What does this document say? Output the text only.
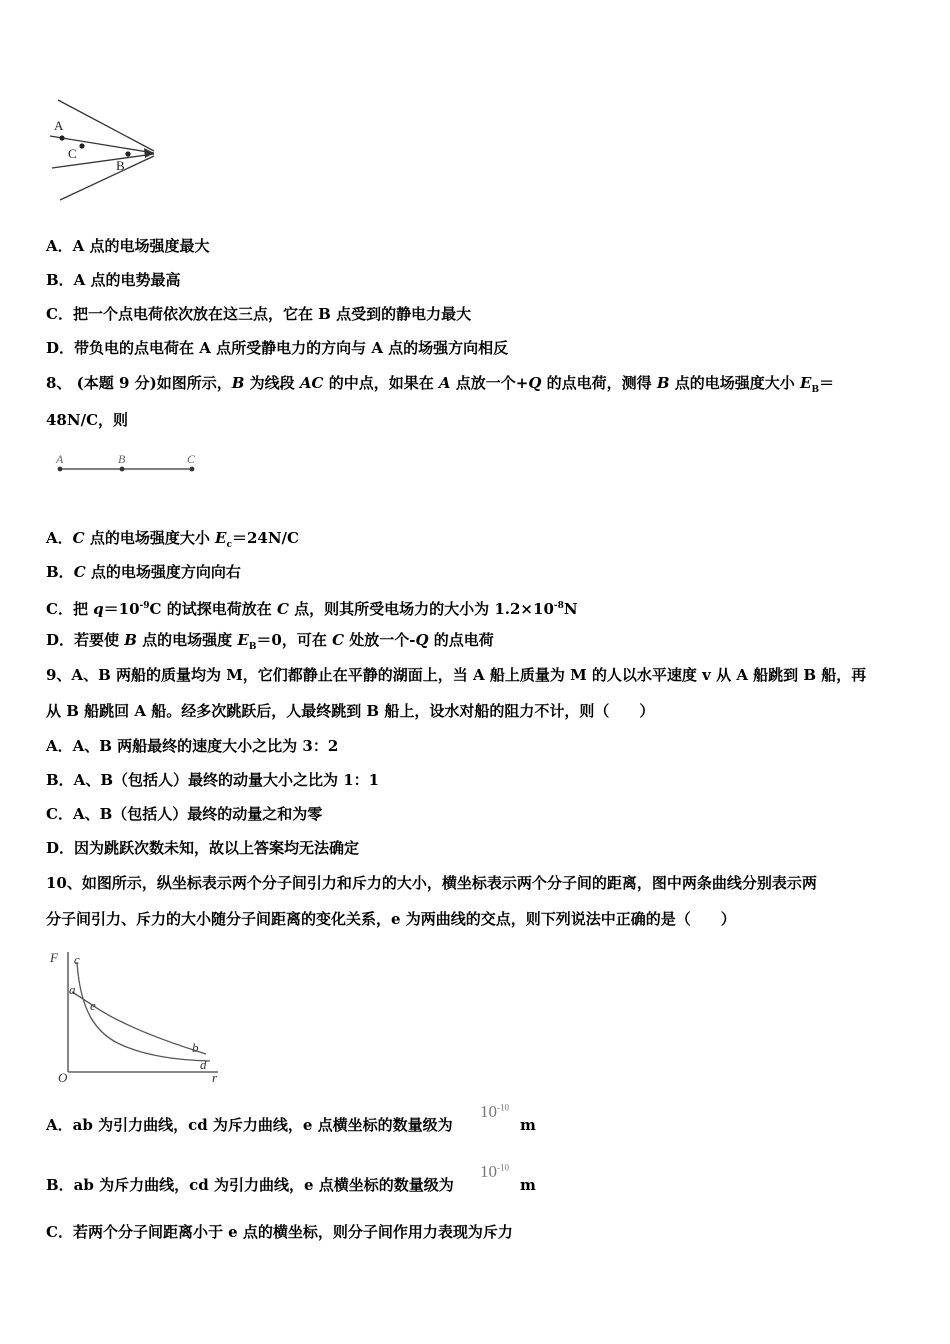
A
C
B
A．A 点的电场强度最大
B．A 点的电势最高
C．把一个点电荷依次放在这三点，它在 B 点受到的静电力最大
D．带负电的点电荷在 A 点所受静电力的方向与 A 点的场强方向相反
8、 (本题 9 分)如图所示，B 为线段 AC 的中点，如果在 A 点放一个+Q 的点电荷，测得 B 点的电场强度大小 $E_B=$
48N/C，则
A	B	C
A．C 点的电场强度大小 $E_c=24N/C$
B．C 点的电场强度方向向右
C．把 $q=10^{-9}C$ 的试探电荷放在 C 点，则其所受电场力的大小为 $1.2\times 10^{-8}N$
D．若要使 B 点的电场强度 $E_B=0$，可在 C 处放一个-Q 的点电荷
9、A、B 两船的质量均为 M，它们都静止在平静的湖面上，当 A 船上质量为 M 的人以水平速度 v 从 A 船跳到 B 船，再
从 B 船跳回 A 船。经多次跳跃后，人最终跳到 B 船上，设水对船的阻力不计，则（　　）
A．A、B 两船最终的速度大小之比为 3：2
B．A、B（包括人）最终的动量大小之比为 1：1
C．A、B（包括人）最终的动量之和为零
D．因为跳跃次数未知，故以上答案均无法确定
10、如图所示，纵坐标表示两个分子间引力和斥力的大小，横坐标表示两个分子间的距离，图中两条曲线分别表示两
分子间引力、斥力的大小随分子间距离的变化关系，e 为两曲线的交点，则下列说法中正确的是（　　）
F c
a
e
b
d
O	r
A．ab 为引力曲线，cd 为斥力曲线，e 点横坐标的数量级为
$10^{-10}$
m
B．ab 为斥力曲线，cd 为引力曲线，e 点横坐标的数量级为
$10^{-10}$
m
C．若两个分子间距离小于 e 点的横坐标，则分子间作用力表现为斥力
